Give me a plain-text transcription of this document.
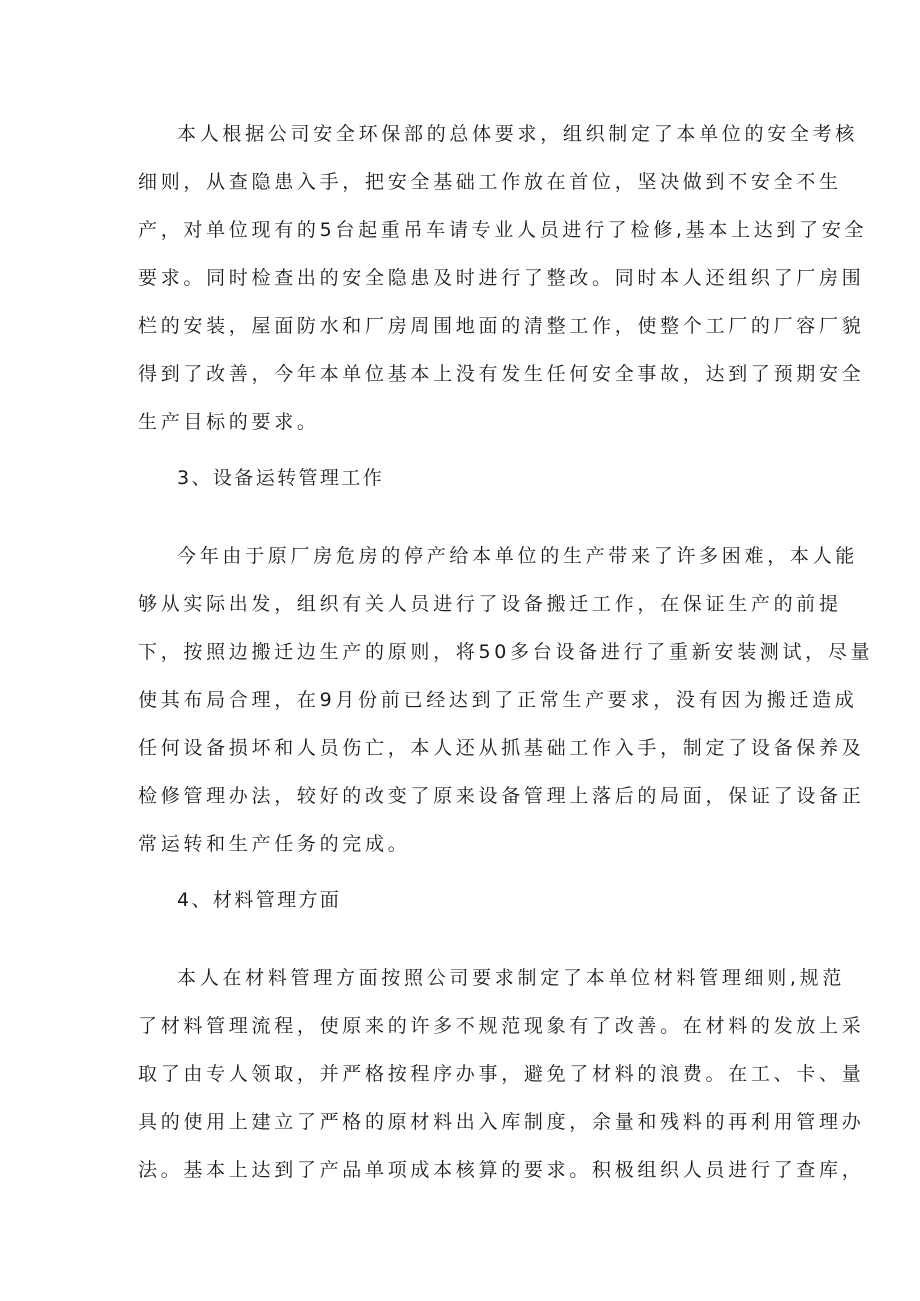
本人根据公司安全环保部的总体要求，组织制定了本单位的安全考核
细则，从查隐患入手，把安全基础工作放在首位，坚决做到不安全不生
产，对单位现有的5台起重吊车请专业人员进行了检修,基本上达到了安全
要求。同时检查出的安全隐患及时进行了整改。同时本人还组织了厂房围
栏的安装，屋面防水和厂房周围地面的清整工作，使整个工厂的厂容厂貌
得到了改善，今年本单位基本上没有发生任何安全事故，达到了预期安全
生产目标的要求。
3、设备运转管理工作
今年由于原厂房危房的停产给本单位的生产带来了许多困难，本人能
够从实际出发，组织有关人员进行了设备搬迁工作，在保证生产的前提
下，按照边搬迁边生产的原则，将50多台设备进行了重新安装测试，尽量
使其布局合理，在9月份前已经达到了正常生产要求，没有因为搬迁造成
任何设备损坏和人员伤亡，本人还从抓基础工作入手，制定了设备保养及
检修管理办法，较好的改变了原来设备管理上落后的局面，保证了设备正
常运转和生产任务的完成。
4、材料管理方面
本人在材料管理方面按照公司要求制定了本单位材料管理细则,规范
了材料管理流程，使原来的许多不规范现象有了改善。在材料的发放上采
取了由专人领取，并严格按程序办事，避免了材料的浪费。在工、卡、量
具的使用上建立了严格的原材料出入库制度，余量和残料的再利用管理办
法。基本上达到了产品单项成本核算的要求。积极组织人员进行了查库，
